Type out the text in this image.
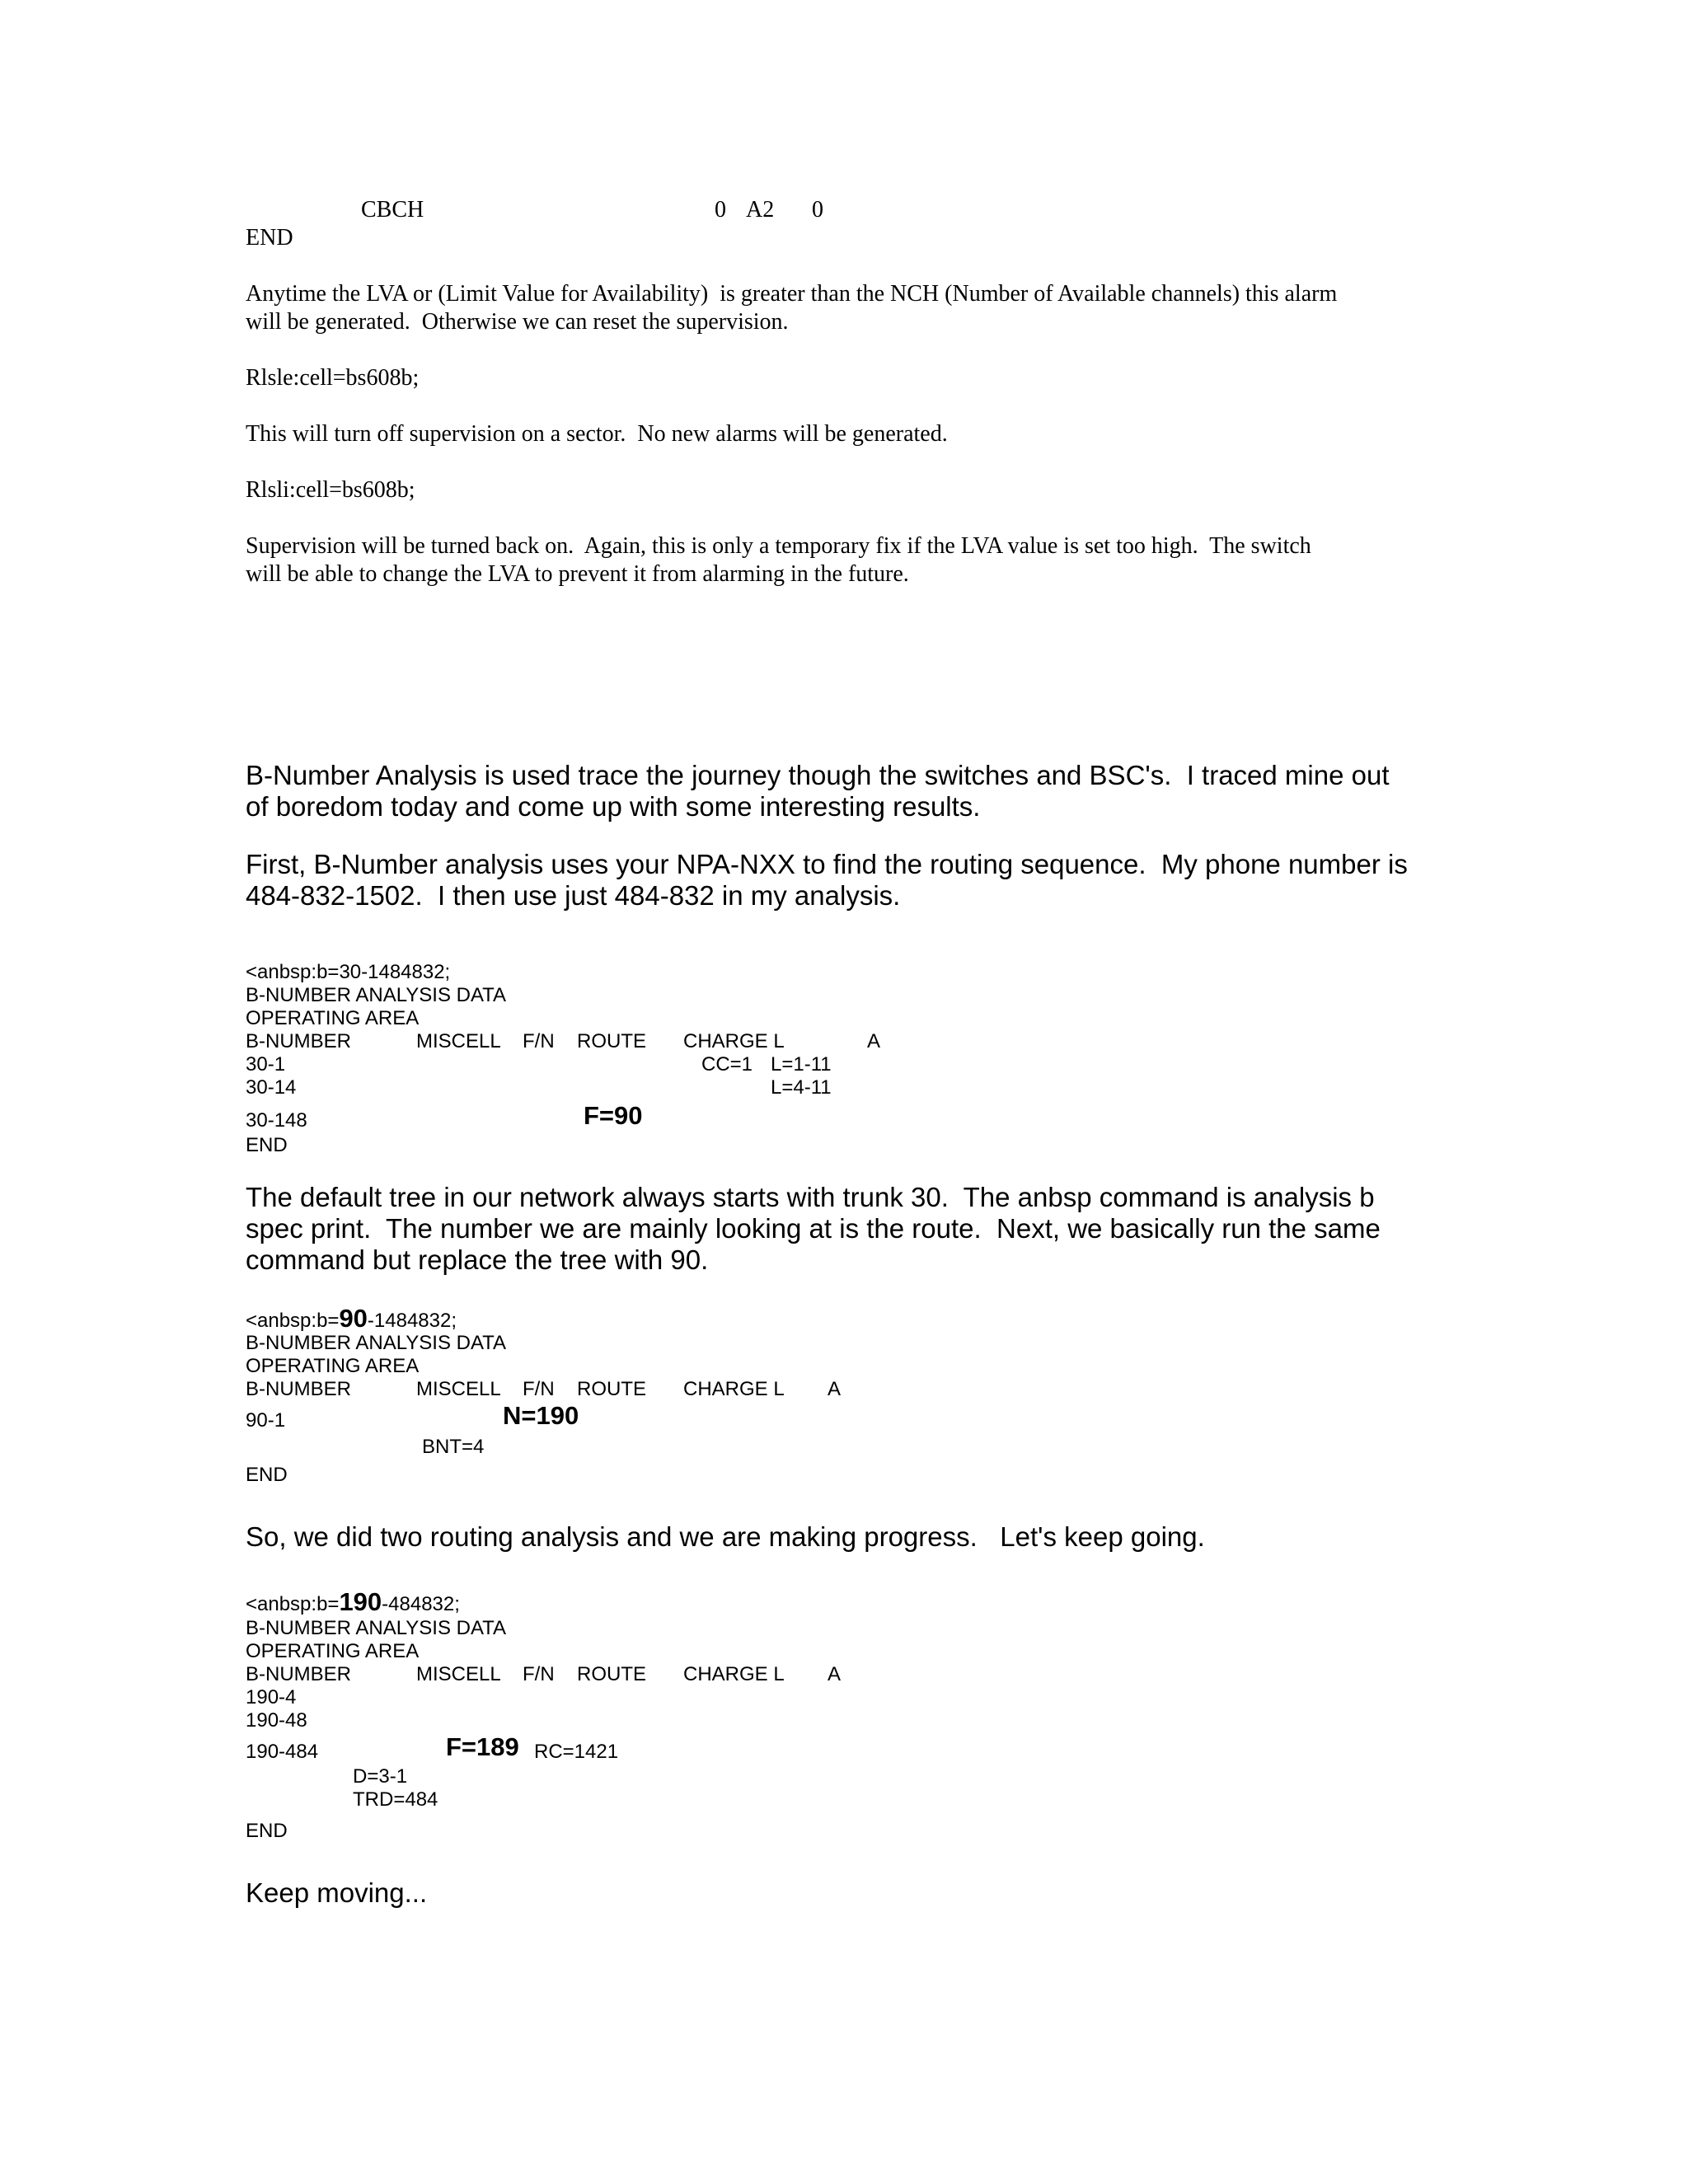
CBCH	0 A2 0
END
Anytime the LVA or (Limit Value for Availability)  is greater than the NCH (Number of Available channels) this alarm
will be generated.  Otherwise we can reset the supervision.
Rlsle:cell=bs608b;
This will turn off supervision on a sector.  No new alarms will be generated.
Rlsli:cell=bs608b;
Supervision will be turned back on.  Again, this is only a temporary fix if the LVA value is set too high.  The switch
will be able to change the LVA to prevent it from alarming in the future.
B-Number Analysis is used trace the journey though the switches and BSC's.  I traced mine out
of boredom today and come up with some interesting results.
First, B-Number analysis uses your NPA-NXX to find the routing sequence.  My phone number is
484-832-1502.  I then use just 484-832 in my analysis.
<anbsp:b=30-1484832;
B-NUMBER ANALYSIS DATA
OPERATING AREA
B-NUMBER	MISCELL F/N ROUTE CHARGE L	A
30-1	CC=1 L=1-11
30-14	L=4-11
30-148	F=90
END
The default tree in our network always starts with trunk 30.  The anbsp command is analysis b
spec print.  The number we are mainly looking at is the route.  Next, we basically run the same
command but replace the tree with 90.
<anbsp:b=90-1484832;
B-NUMBER ANALYSIS DATA
OPERATING AREA
B-NUMBER	MISCELL F/N ROUTE CHARGE L A
90-1	N=190
BNT=4
END
So, we did two routing analysis and we are making progress.   Let's keep going.
<anbsp:b=190-484832;
B-NUMBER ANALYSIS DATA
OPERATING AREA
B-NUMBER	MISCELL F/N ROUTE CHARGE L A
190-4
190-48
190-484	F=189 RC=1421
D=3-1
TRD=484
END
Keep moving...
